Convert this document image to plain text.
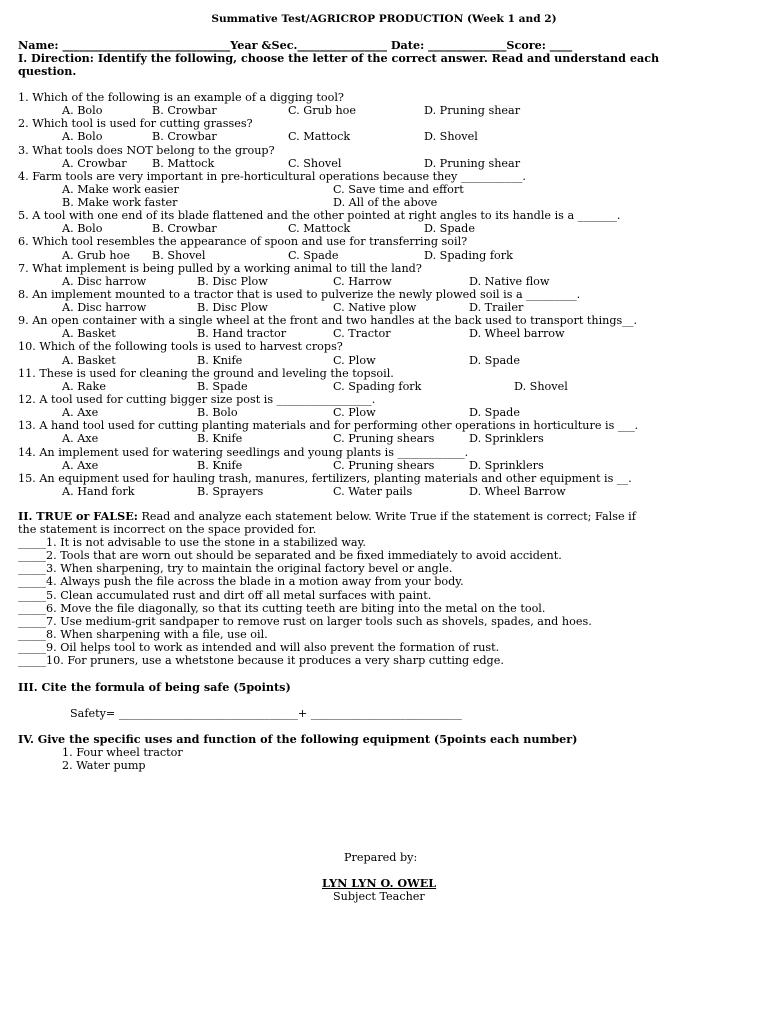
Summative Test/AGRICROP PRODUCTION (Week 1 and 2)
Name: ______________________________Year &Sec.________________ Date: ______________Score: ____
I. Direction: Identify the following, choose the letter of the correct answer. Read and understand each
question.
1. Which of the following is an example of a digging tool?
A. Bolo	B. Crowbar	C. Grub hoe	D. Pruning shear
2. Which tool is used for cutting grasses?
A. Bolo	B. Crowbar	C. Mattock	D. Shovel
3. What tools does NOT belong to the group?
A. Crowbar B. Mattock	C. Shovel	D. Pruning shear
4. Farm tools are very important in pre-horticultural operations because they ___________.
A. Make work easier	C. Save time and effort
B. Make work faster	D. All of the above
5. A tool with one end of its blade flattened and the other pointed at right angles to its handle is a _______.
A. Bolo	B. Crowbar	C. Mattock	D. Spade
6. Which tool resembles the appearance of spoon and use for transferring soil?
A. Grub hoe B. Shovel	C. Spade	D. Spading fork
7. What implement is being pulled by a working animal to till the land?
A. Disc harrow	B. Disc Plow	C. Harrow	D. Native flow
8. An implement mounted to a tractor that is used to pulverize the newly plowed soil is a _________.
A. Disc harrow	B. Disc Plow	C. Native plow	D. Trailer
9. An open container with a single wheel at the front and two handles at the back used to transport things__.
A. Basket	B. Hand tractor	C. Tractor	D. Wheel barrow
10. Which of the following tools is used to harvest crops?
A. Basket	B. Knife	C. Plow	D. Spade
11. These is used for cleaning the ground and leveling the topsoil.
A. Rake	B. Spade	C. Spading fork	D. Shovel
12. A tool used for cutting bigger size post is _________________.
A. Axe	B. Bolo	C. Plow	D. Spade
13. A hand tool used for cutting planting materials and for performing other operations in horticulture is ___.
A. Axe	B. Knife	C. Pruning shears	D. Sprinklers
14. An implement used for watering seedlings and young plants is ____________.
A. Axe	B. Knife	C. Pruning shears	D. Sprinklers
15. An equipment used for hauling trash, manures, fertilizers, planting materials and other equipment is __.
A. Hand fork	B. Sprayers	C. Water pails	D. Wheel Barrow
II. TRUE or FALSE: Read and analyze each statement below. Write True if the statement is correct; False if
the statement is incorrect on the space provided for.
_____1. It is not advisable to use the stone in a stabilized way.
_____2. Tools that are worn out should be separated and be fixed immediately to avoid accident.
_____3. When sharpening, try to maintain the original factory bevel or angle.
_____4. Always push the file across the blade in a motion away from your body.
_____5. Clean accumulated rust and dirt off all metal surfaces with paint.
_____6. Move the file diagonally, so that its cutting teeth are biting into the metal on the tool.
_____7. Use medium-grit sandpaper to remove rust on larger tools such as shovels, spades, and hoes.
_____8. When sharpening with a file, use oil.
_____9. Oil helps tool to work as intended and will also prevent the formation of rust.
_____10. For pruners, use a whetstone because it produces a very sharp cutting edge.
III. Cite the formula of being safe (5points)
Safety= ________________________________+ ___________________________
IV. Give the specific uses and function of the following equipment (5points each number)
1. Four wheel tractor
2. Water pump
Prepared by:
LYN LYN O. OWEL
Subject Teacher
